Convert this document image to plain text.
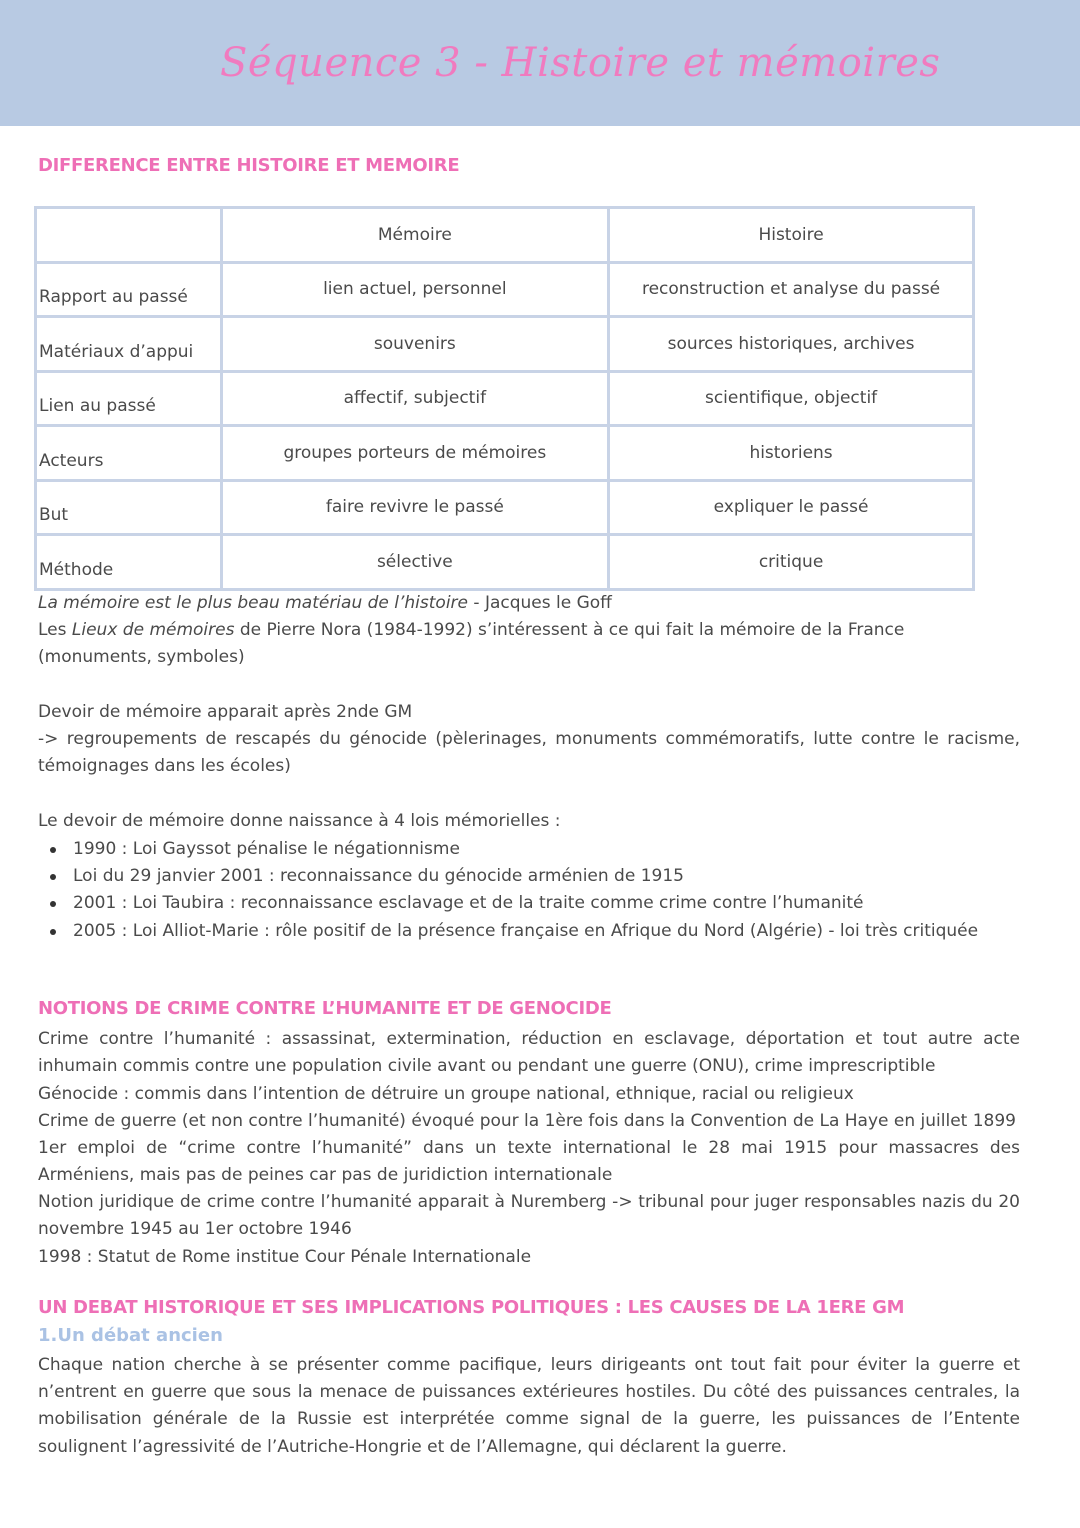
Séquence 3 - Histoire et mémoires
DIFFERENCE ENTRE HISTOIRE ET MEMOIRE
	Mémoire	Histoire
Rapport au passé	lien actuel, personnel	reconstruction et analyse du passé
Matériaux d’appui	souvenirs	sources historiques, archives
Lien au passé	affectif, subjectif	scientifique, objectif
Acteurs	groupes porteurs de mémoires	historiens
But	faire revivre le passé	expliquer le passé
Méthode	sélective	critique
La mémoire est le plus beau matériau de l’histoire - Jacques le Goff
Les Lieux de mémoires de Pierre Nora (1984-1992) s’intéressent à ce qui fait la mémoire de la France (monuments, symboles)
Devoir de mémoire apparait après 2nde GM
-> regroupements de rescapés du génocide (pèlerinages, monuments commémoratifs, lutte contre le racisme, témoignages dans les écoles)
Le devoir de mémoire donne naissance à 4 lois mémorielles :
1990 : Loi Gayssot pénalise le négationnisme
Loi du 29 janvier 2001 : reconnaissance du génocide arménien de 1915
2001 : Loi Taubira : reconnaissance esclavage et de la traite comme crime contre l’humanité
2005 : Loi Alliot-Marie : rôle positif de la présence française en Afrique du Nord (Algérie) - loi très critiquée
NOTIONS DE CRIME CONTRE L’HUMANITE ET DE GENOCIDE
Crime contre l’humanité : assassinat, extermination, réduction en esclavage, déportation et tout autre acte inhumain commis contre une population civile avant ou pendant une guerre (ONU), crime imprescriptible
Génocide : commis dans l’intention de détruire un groupe national, ethnique, racial ou religieux
Crime de guerre (et non contre l’humanité) évoqué pour la 1ère fois dans la Convention de La Haye en juillet 1899
1er emploi de “crime contre l’humanité” dans un texte international le 28 mai 1915 pour massacres des Arméniens, mais pas de peines car pas de juridiction internationale
Notion juridique de crime contre l’humanité apparait à Nuremberg -> tribunal pour juger responsables nazis du 20 novembre 1945 au 1er octobre 1946
1998 : Statut de Rome institue Cour Pénale Internationale
UN DEBAT HISTORIQUE ET SES IMPLICATIONS POLITIQUES : LES CAUSES DE LA 1ERE GM
1.Un débat ancien
Chaque nation cherche à se présenter comme pacifique, leurs dirigeants ont tout fait pour éviter la guerre et n’entrent en guerre que sous la menace de puissances extérieures hostiles. Du côté des puissances centrales, la mobilisation générale de la Russie est interprétée comme signal de la guerre, les puissances de l’Entente soulignent l’agressivité de l’Autriche-Hongrie et de l’Allemagne, qui déclarent la guerre.
